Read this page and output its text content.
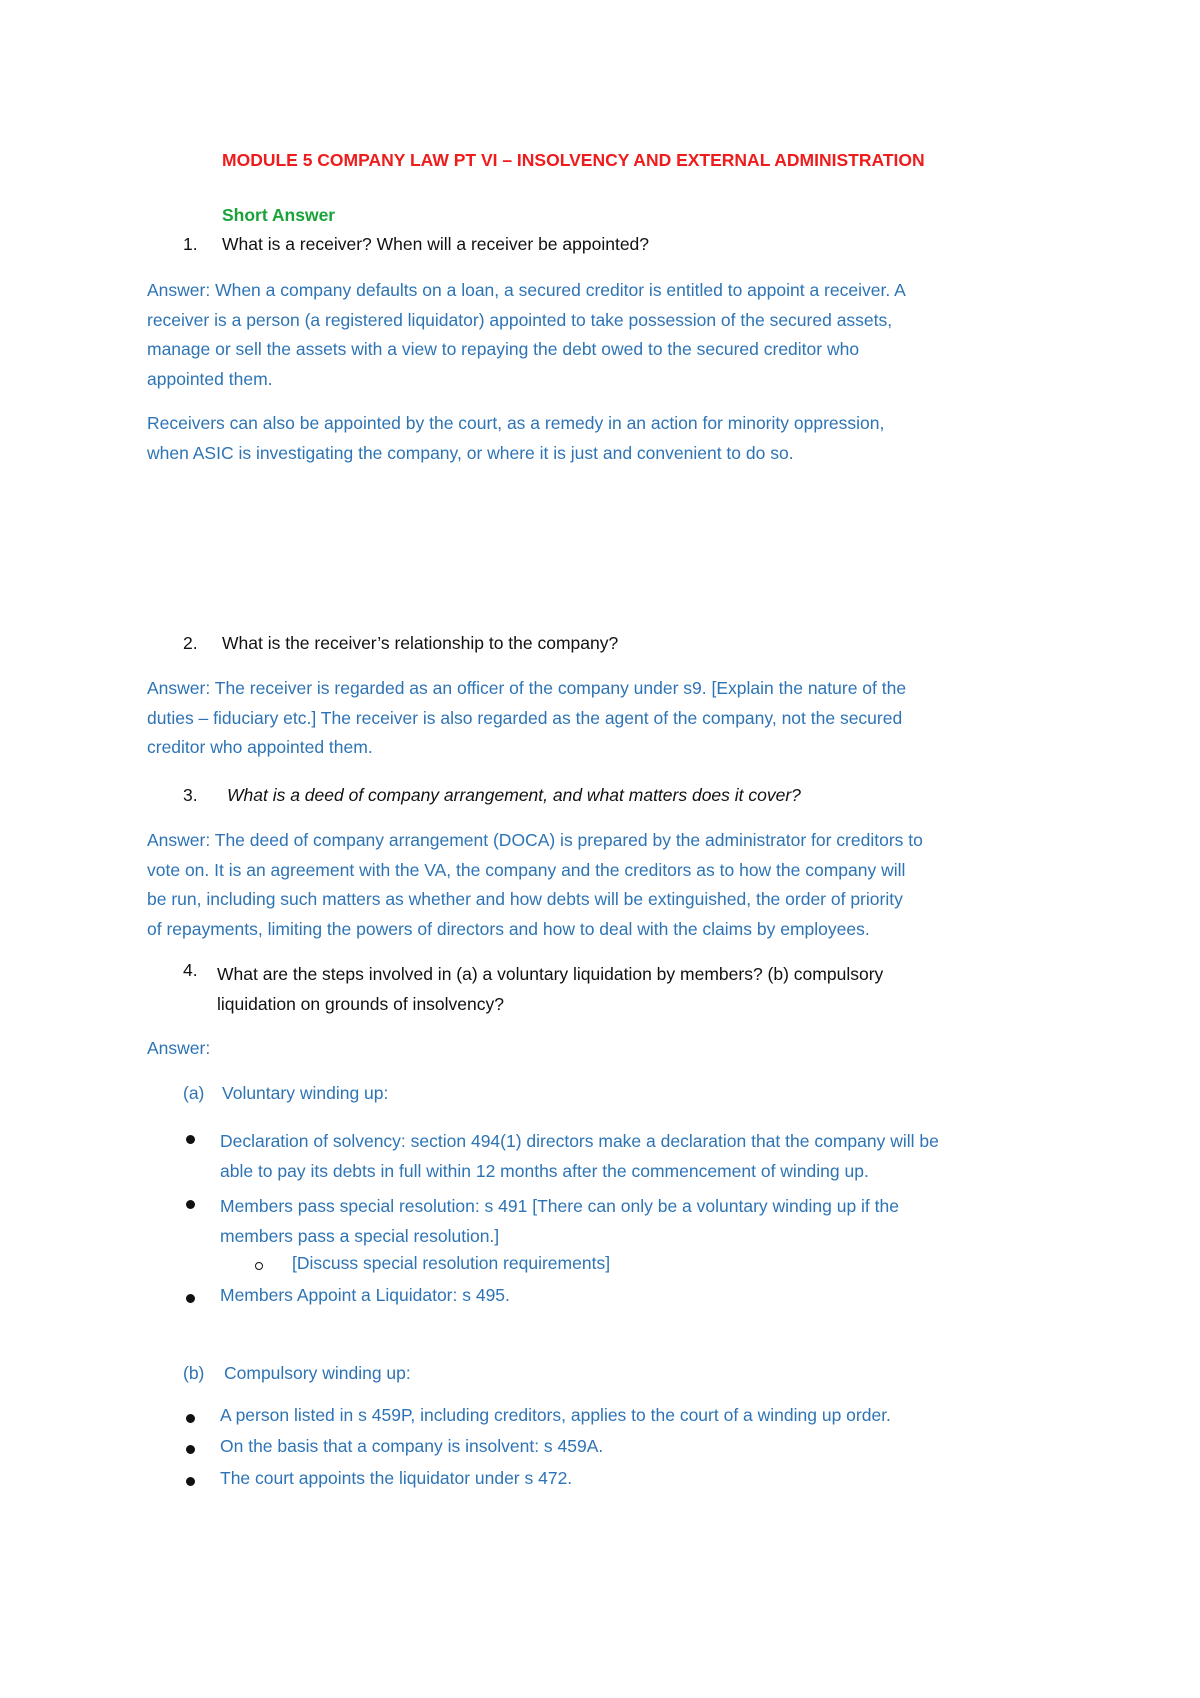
MODULE 5 COMPANY LAW PT VI – INSOLVENCY AND EXTERNAL ADMINISTRATION
Short Answer
1. What is a receiver? When will a receiver be appointed?
Answer: When a company defaults on a loan, a secured creditor is entitled to appoint a receiver. A
receiver is a person (a registered liquidator) appointed to take possession of the secured assets,
manage or sell the assets with a view to repaying the debt owed to the secured creditor who
appointed them.
Receivers can also be appointed by the court, as a remedy in an action for minority oppression,
when ASIC is investigating the company, or where it is just and convenient to do so.
2. What is the receiver’s relationship to the company?
Answer: The receiver is regarded as an officer of the company under s9. [Explain the nature of the
duties – fiduciary etc.] The receiver is also regarded as the agent of the company, not the secured
creditor who appointed them.
3. What is a deed of company arrangement, and what matters does it cover?
Answer: The deed of company arrangement (DOCA) is prepared by the administrator for creditors to
vote on. It is an agreement with the VA, the company and the creditors as to how the company will
be run, including such matters as whether and how debts will be extinguished, the order of priority
of repayments, limiting the powers of directors and how to deal with the claims by employees.
4. What are the steps involved in (a) a voluntary liquidation by members? (b) compulsory
liquidation on grounds of insolvency?
Answer:
(a) Voluntary winding up:
Declaration of solvency: section 494(1) directors make a declaration that the company will be
able to pay its debts in full within 12 months after the commencement of winding up.
Members pass special resolution: s 491 [There can only be a voluntary winding up if the
members pass a special resolution.]
[Discuss special resolution requirements]
Members Appoint a Liquidator: s 495.
(b) Compulsory winding up:
A person listed in s 459P, including creditors, applies to the court of a winding up order.
On the basis that a company is insolvent: s 459A.
The court appoints the liquidator under s 472.
